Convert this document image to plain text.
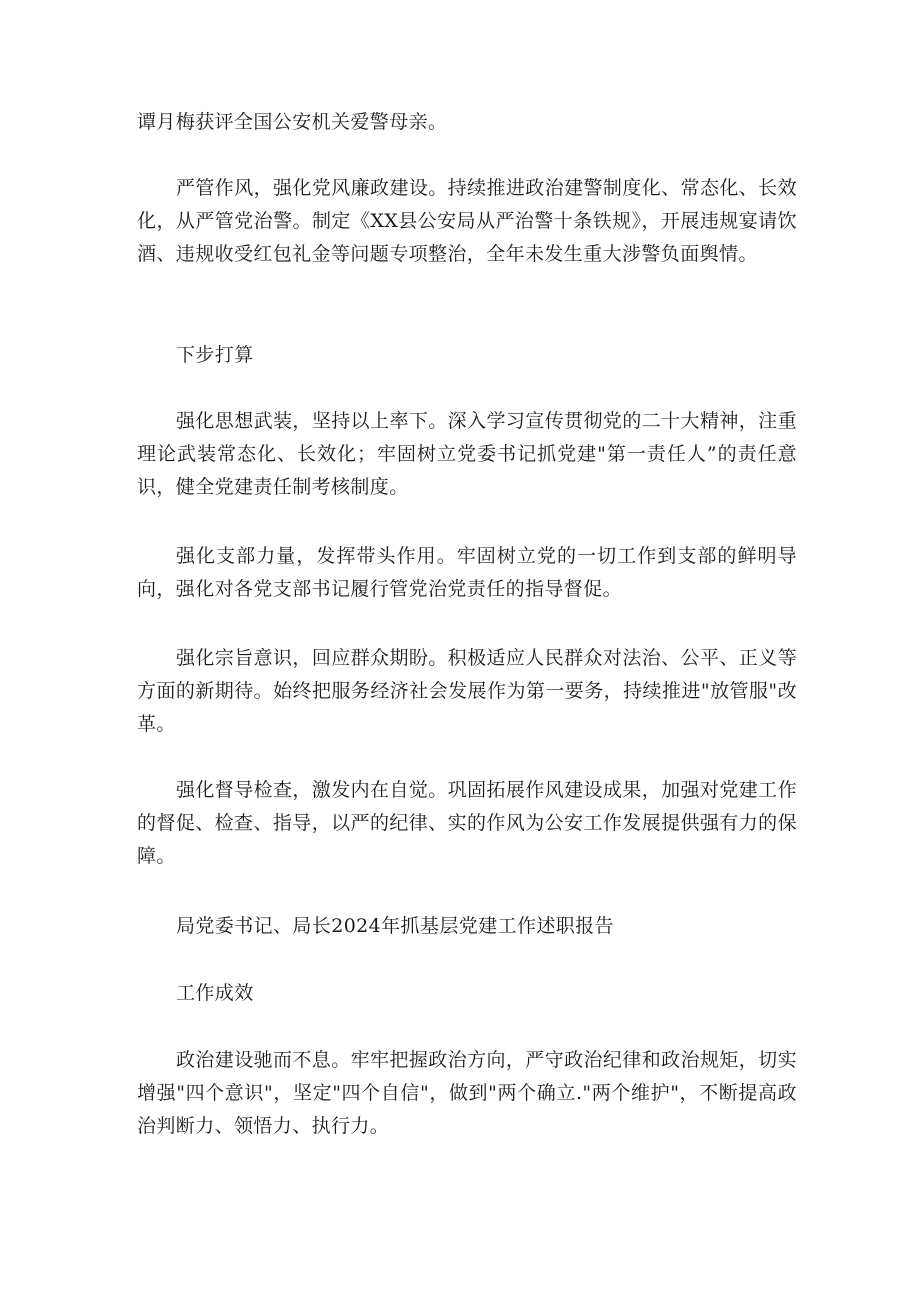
谭月梅获评全国公安机关爱警母亲。

严管作风，强化党风廉政建设。持续推进政治建警制度化、常态化、长效化，从严管党治警。制定《XX县公安局从严治警十条铁规》，开展违规宴请饮酒、违规收受红包礼金等问题专项整治，全年未发生重大涉警负面舆情。

下步打算

强化思想武装，坚持以上率下。深入学习宣传贯彻党的二十大精神，注重理论武装常态化、长效化；牢固树立党委书记抓党建"第一责任人”的责任意识，健全党建责任制考核制度。

强化支部力量，发挥带头作用。牢固树立党的一切工作到支部的鲜明导向，强化对各党支部书记履行管党治党责任的指导督促。

强化宗旨意识，回应群众期盼。积极适应人民群众对法治、公平、正义等方面的新期待。始终把服务经济社会发展作为第一要务，持续推进"放管服"改革。

强化督导检查，激发内在自觉。巩固拓展作风建设成果，加强对党建工作的督促、检查、指导，以严的纪律、实的作风为公安工作发展提供强有力的保障。

局党委书记、局长2024年抓基层党建工作述职报告

工作成效

政治建设驰而不息。牢牢把握政治方向，严守政治纪律和政治规矩，切实增强"四个意识"，坚定"四个自信"，做到"两个确立."两个维护"，不断提高政治判断力、领悟力、执行力。
